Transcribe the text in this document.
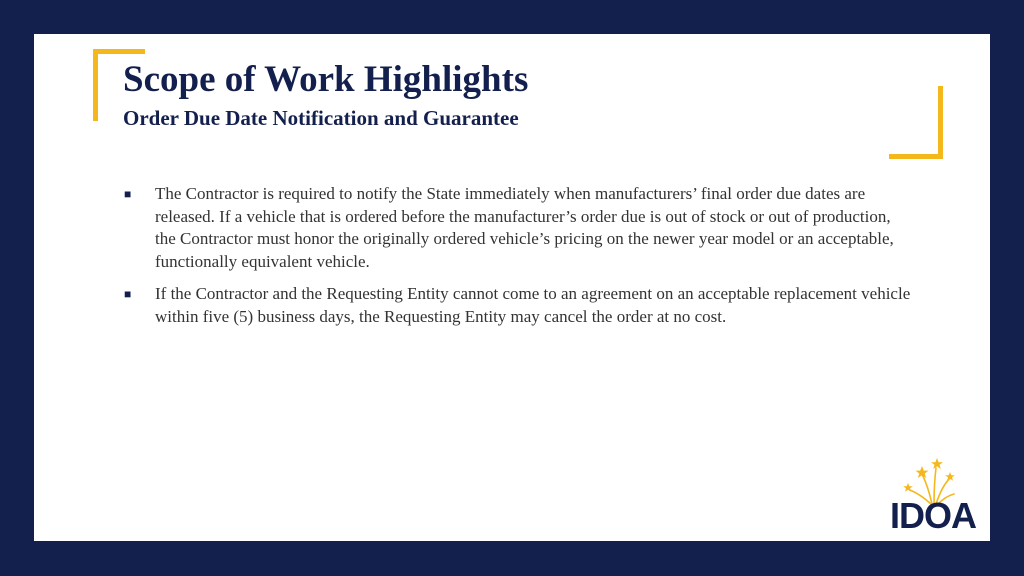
Scope of Work Highlights
Order Due Date Notification and Guarantee
■ The Contractor is required to notify the State immediately when manufacturers’ final order due dates are released. If a vehicle that is ordered before the manufacturer’s order due is out of stock or out of production, the Contractor must honor the originally ordered vehicle’s pricing on the newer year model or an acceptable, functionally equivalent vehicle.
■ If the Contractor and the Requesting Entity cannot come to an agreement on an acceptable replacement vehicle within five (5) business days, the Requesting Entity may cancel the order at no cost.
IDOA
